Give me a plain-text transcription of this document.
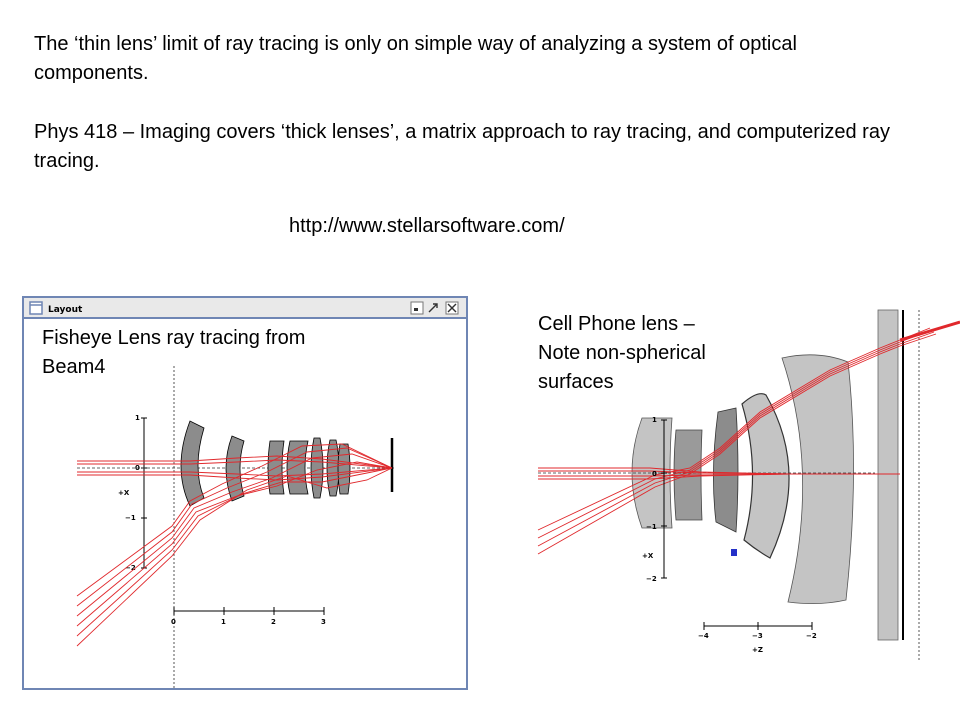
The ‘thin lens’ limit of ray tracing is only on simple way of analyzing a system of optical components.
Phys 418 – Imaging covers ‘thick lenses’, a matrix approach to ray tracing, and computerized ray tracing.
http://www.stellarsoftware.com/
Layout
Fisheye Lens ray tracing from
Beam4
1
0
−1
−2
+X
0	1	2	3
Cell Phone lens –
Note non-spherical
surfaces
1
0
−1
−2
+X
−4	−3	−2
+Z
